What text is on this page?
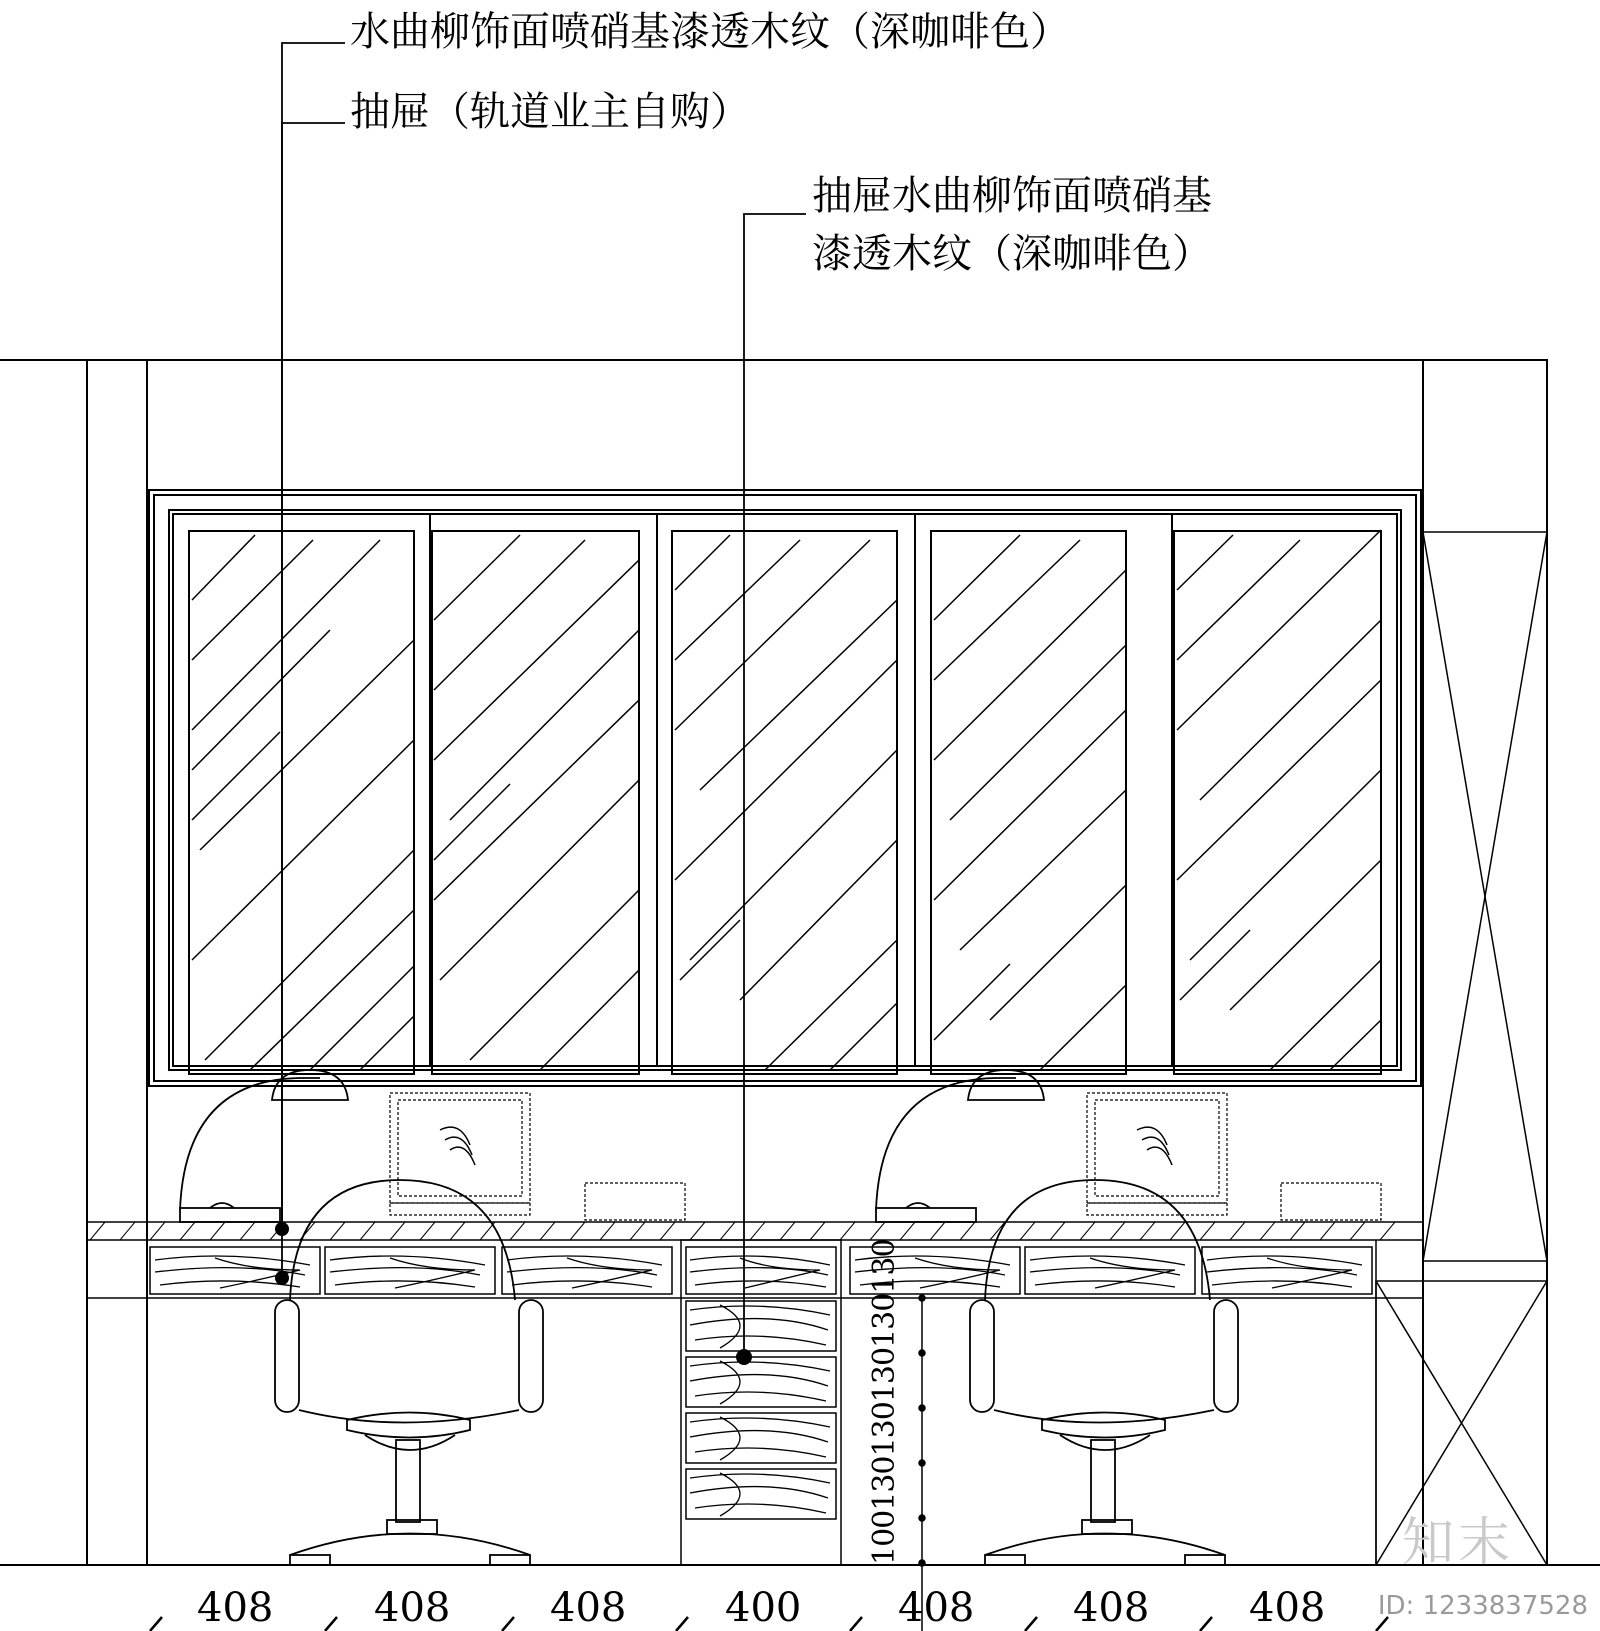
水曲柳饰面喷硝基漆透木纹（深咖啡色）
抽屉（轨道业主自购）
抽屉水曲柳饰面喷硝基
漆透木纹（深咖啡色）
408	408 408 400 408 408 408
100130130130130130	知末
ID: 1233837528
